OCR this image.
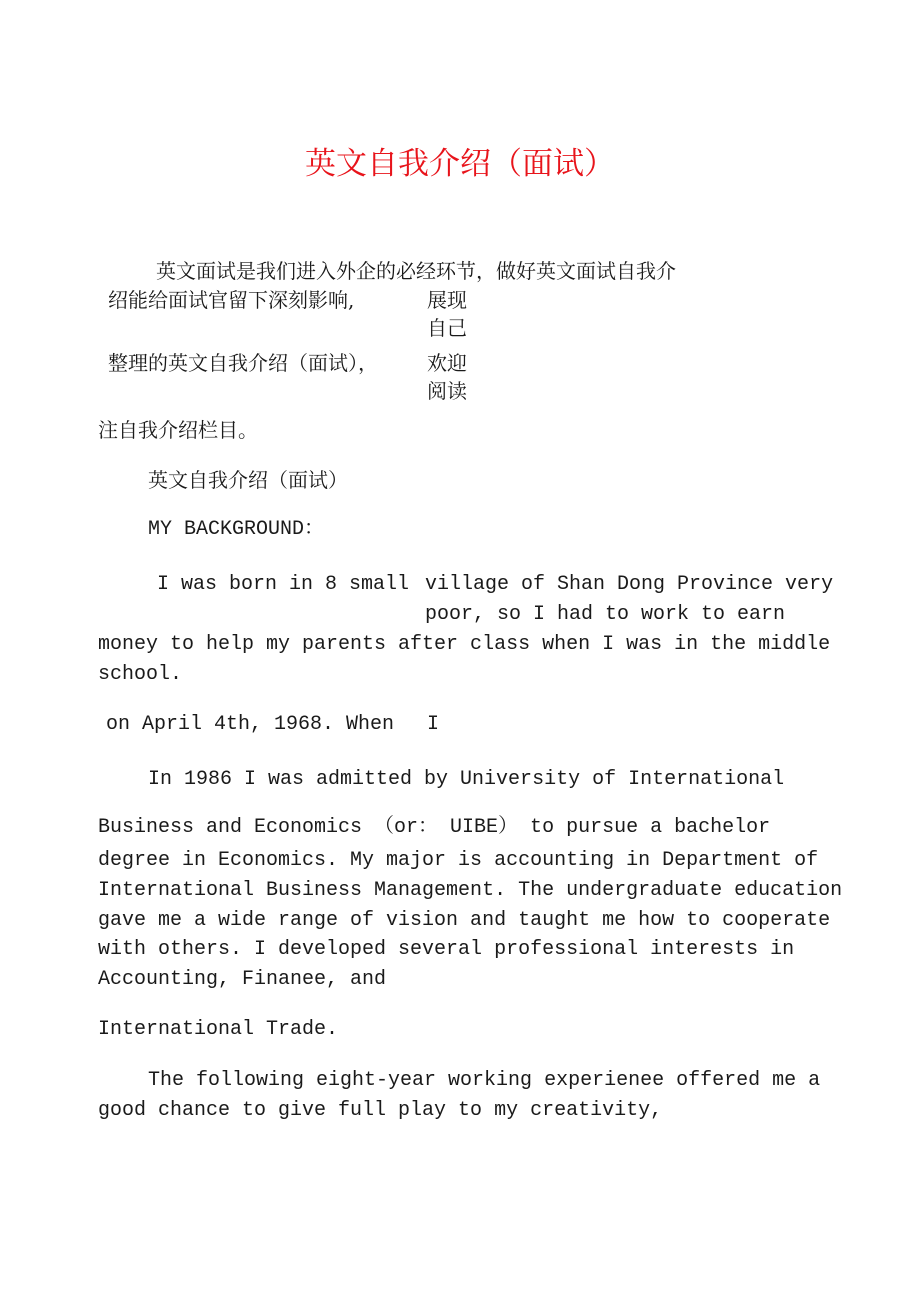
英文自我介绍（面试）

英文面试是我们进入外企的必经环节，做好英文面试自我介

绍能给面试官留下深刻影响,	展现

自己

整理的英文自我介绍（面试）， 欢迎

阅读

注自我介绍栏目。

英文自我介绍（面试）

MY BACKGROUND：

I was born in 8 small village of Shan Dong Province very

poor, so I had to work to earn

money to help my parents after class when I was in the middle

school.

on April 4th, 1968. When I

In 1986 I was admitted by University of International

Business and Economics （or： UIBE） to pursue a bachelor

degree in Economics. My major is accounting in Department of

International Business Management. The undergraduate education

gave me a wide range of vision and taught me how to cooperate

with others. I developed several professional interests in

Accounting, Finanee, and

International Trade.

The following eight-year working experienee offered me a

good chance to give full play to my creativity,
